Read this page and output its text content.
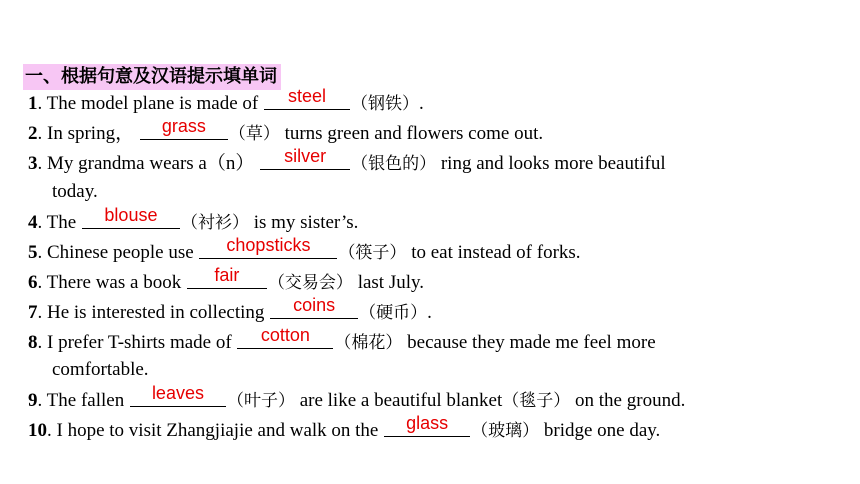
一、根据句意及汉语提示填单词
1. The model plane is made of	steel	（钢铁）.
2. In spring，	grass	（草） turns green and flowers come out.
3. My grandma wears a（n）	silver	（银色的） ring and looks more beautiful
today.
4. The	blouse	（衬衫） is my sister’s.
5. Chinese people use	chopsticks	（筷子） to eat instead of forks.
6. There was a book	fair	（交易会） last July.
7. He is interested in collecting	coins	（硬币）.
8. I prefer T-shirts made of	cotton	（棉花） because they made me feel more
comfortable.
9. The fallen	leaves	（叶子） are like a beautiful blanket（毯子） on the ground.
10. I hope to visit Zhangjiajie and walk on the	glass	（玻璃） bridge one day.
